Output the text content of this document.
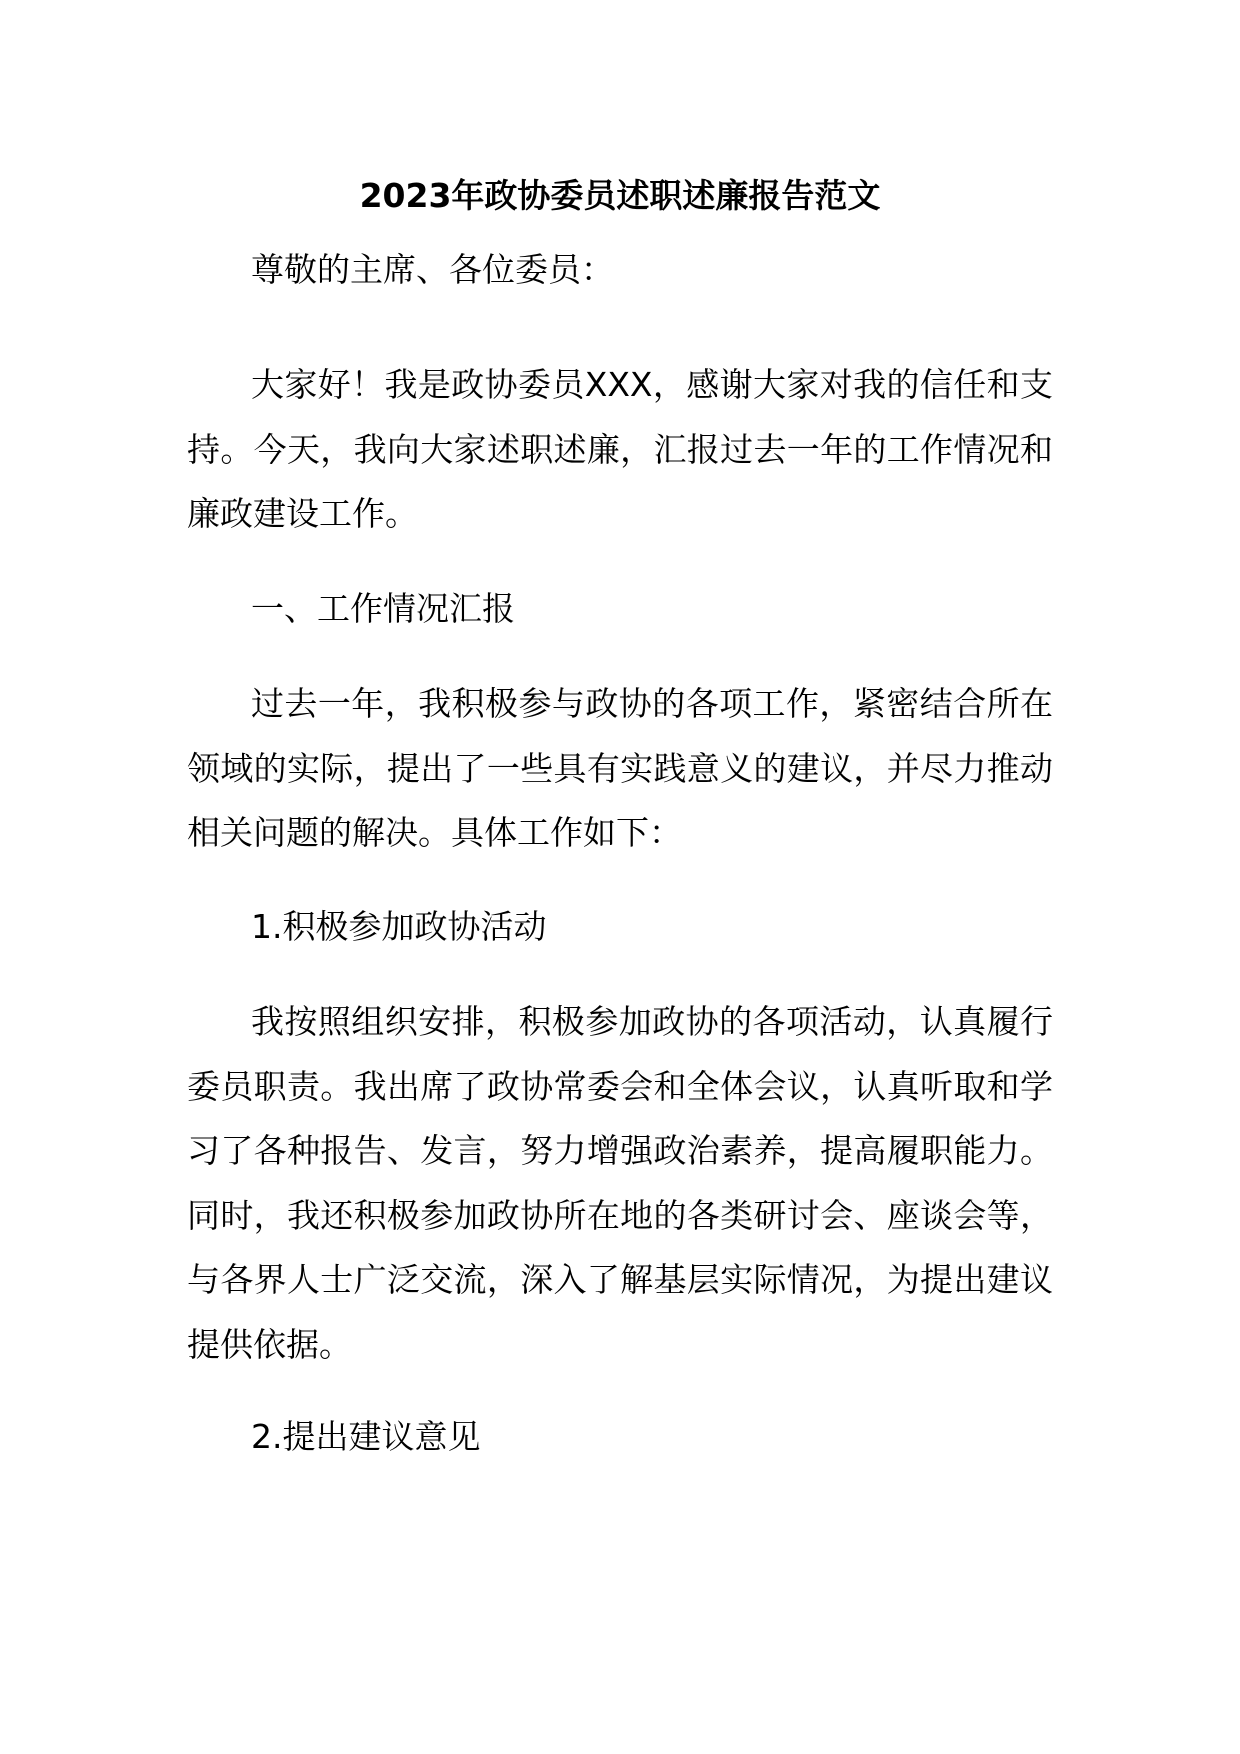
2023年政协委员述职述廉报告范文

尊敬的主席、各位委员：

大家好！我是政协委员XXX，感谢大家对我的信任和支持。今天，我向大家述职述廉，汇报过去一年的工作情况和廉政建设工作。

一、工作情况汇报

过去一年，我积极参与政协的各项工作，紧密结合所在领域的实际，提出了一些具有实践意义的建议，并尽力推动相关问题的解决。具体工作如下：

1.积极参加政协活动

我按照组织安排，积极参加政协的各项活动，认真履行委员职责。我出席了政协常委会和全体会议，认真听取和学习了各种报告、发言，努力增强政治素养，提高履职能力。同时，我还积极参加政协所在地的各类研讨会、座谈会等，与各界人士广泛交流，深入了解基层实际情况，为提出建议提供依据。

2.提出建议意见
